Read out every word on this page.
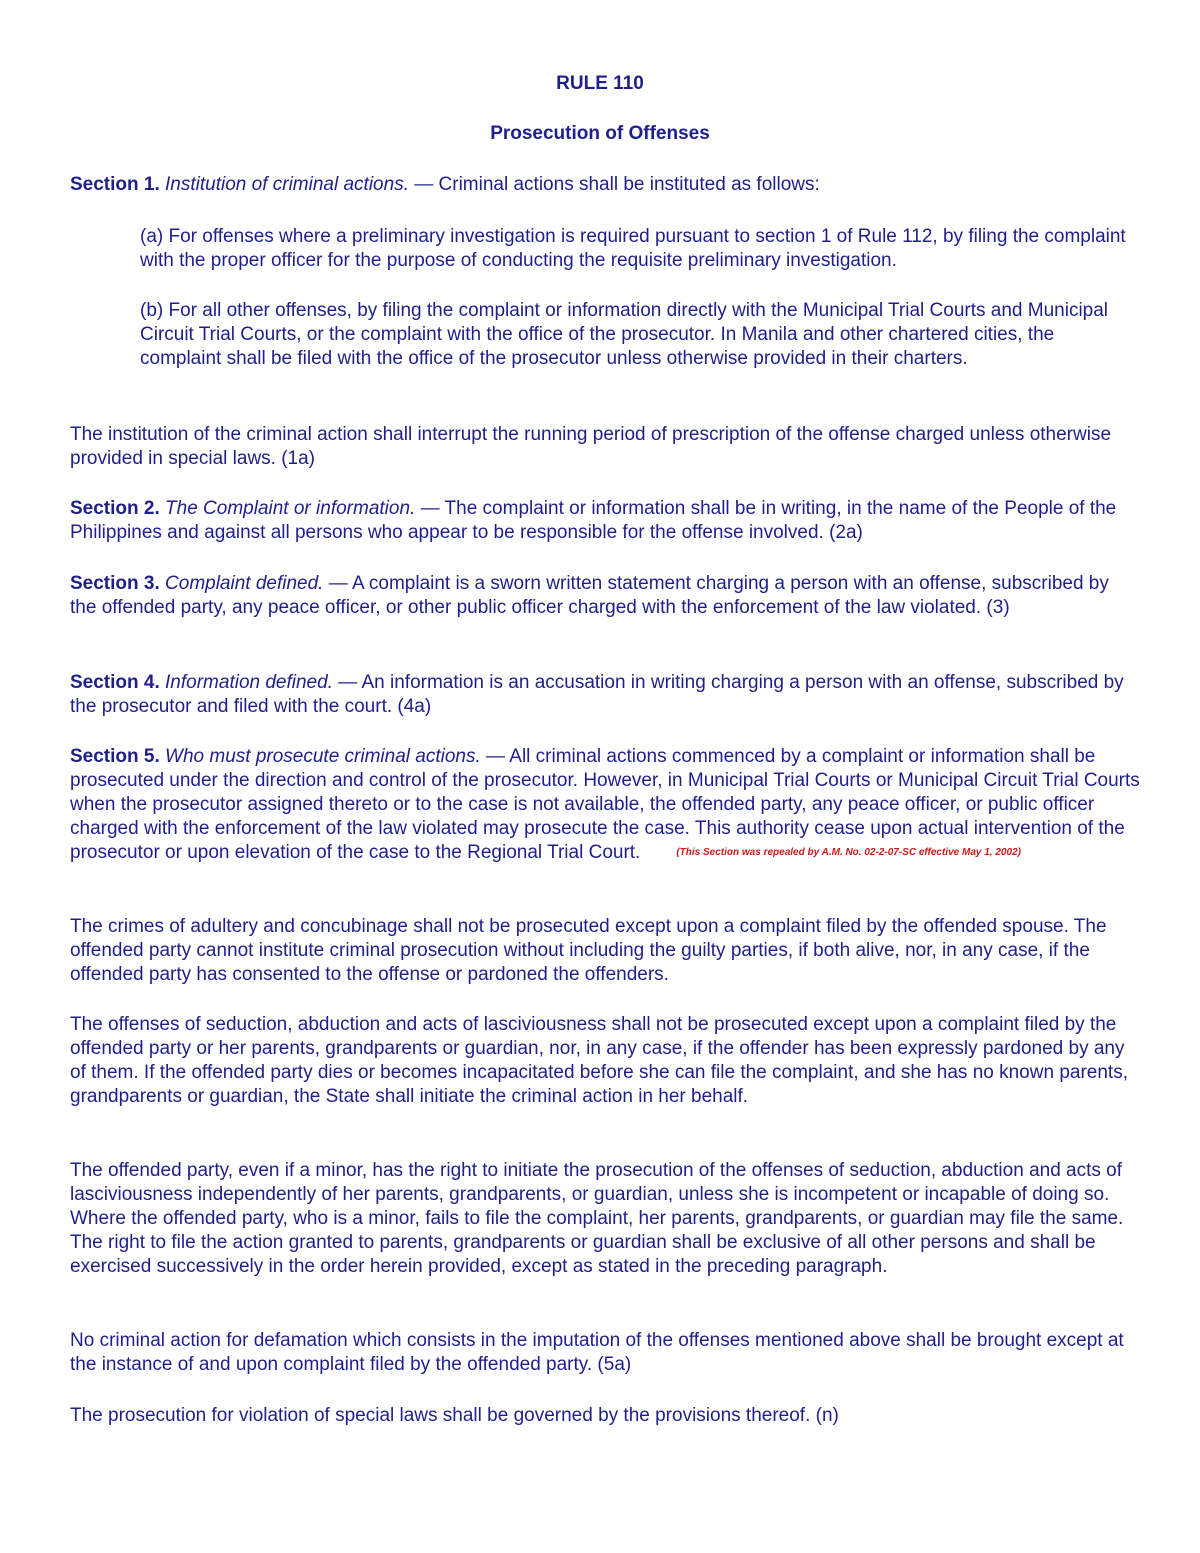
RULE 110
Prosecution of Offenses

Section 1. Institution of criminal actions. — Criminal actions shall be instituted as follows:

(a) For offenses where a preliminary investigation is required pursuant to section 1 of Rule 112, by filing the complaint with the proper officer for the purpose of conducting the requisite preliminary investigation.

(b) For all other offenses, by filing the complaint or information directly with the Municipal Trial Courts and Municipal Circuit Trial Courts, or the complaint with the office of the prosecutor. In Manila and other chartered cities, the complaint shall be filed with the office of the prosecutor unless otherwise provided in their charters.

The institution of the criminal action shall interrupt the running period of prescription of the offense charged unless otherwise provided in special laws. (1a)

Section 2. The Complaint or information. — The complaint or information shall be in writing, in the name of the People of the Philippines and against all persons who appear to be responsible for the offense involved. (2a)

Section 3. Complaint defined. — A complaint is a sworn written statement charging a person with an offense, subscribed by the offended party, any peace officer, or other public officer charged with the enforcement of the law violated. (3)

Section 4. Information defined. — An information is an accusation in writing charging a person with an offense, subscribed by the prosecutor and filed with the court. (4a)

Section 5. Who must prosecute criminal actions. — All criminal actions commenced by a complaint or information shall be prosecuted under the direction and control of the prosecutor. However, in Municipal Trial Courts or Municipal Circuit Trial Courts when the prosecutor assigned thereto or to the case is not available, the offended party, any peace officer, or public officer charged with the enforcement of the law violated may prosecute the case. This authority cease upon actual intervention of the prosecutor or upon elevation of the case to the Regional Trial Court.	(This Section was repealed by A.M. No. 02-2-07-SC effective May 1, 2002)

The crimes of adultery and concubinage shall not be prosecuted except upon a complaint filed by the offended spouse. The offended party cannot institute criminal prosecution without including the guilty parties, if both alive, nor, in any case, if the offended party has consented to the offense or pardoned the offenders.

The offenses of seduction, abduction and acts of lasciviousness shall not be prosecuted except upon a complaint filed by the offended party or her parents, grandparents or guardian, nor, in any case, if the offender has been expressly pardoned by any of them. If the offended party dies or becomes incapacitated before she can file the complaint, and she has no known parents, grandparents or guardian, the State shall initiate the criminal action in her behalf.

The offended party, even if a minor, has the right to initiate the prosecution of the offenses of seduction, abduction and acts of lasciviousness independently of her parents, grandparents, or guardian, unless she is incompetent or incapable of doing so. Where the offended party, who is a minor, fails to file the complaint, her parents, grandparents, or guardian may file the same. The right to file the action granted to parents, grandparents or guardian shall be exclusive of all other persons and shall be exercised successively in the order herein provided, except as stated in the preceding paragraph.

No criminal action for defamation which consists in the imputation of the offenses mentioned above shall be brought except at the instance of and upon complaint filed by the offended party. (5a)

The prosecution for violation of special laws shall be governed by the provisions thereof. (n)
